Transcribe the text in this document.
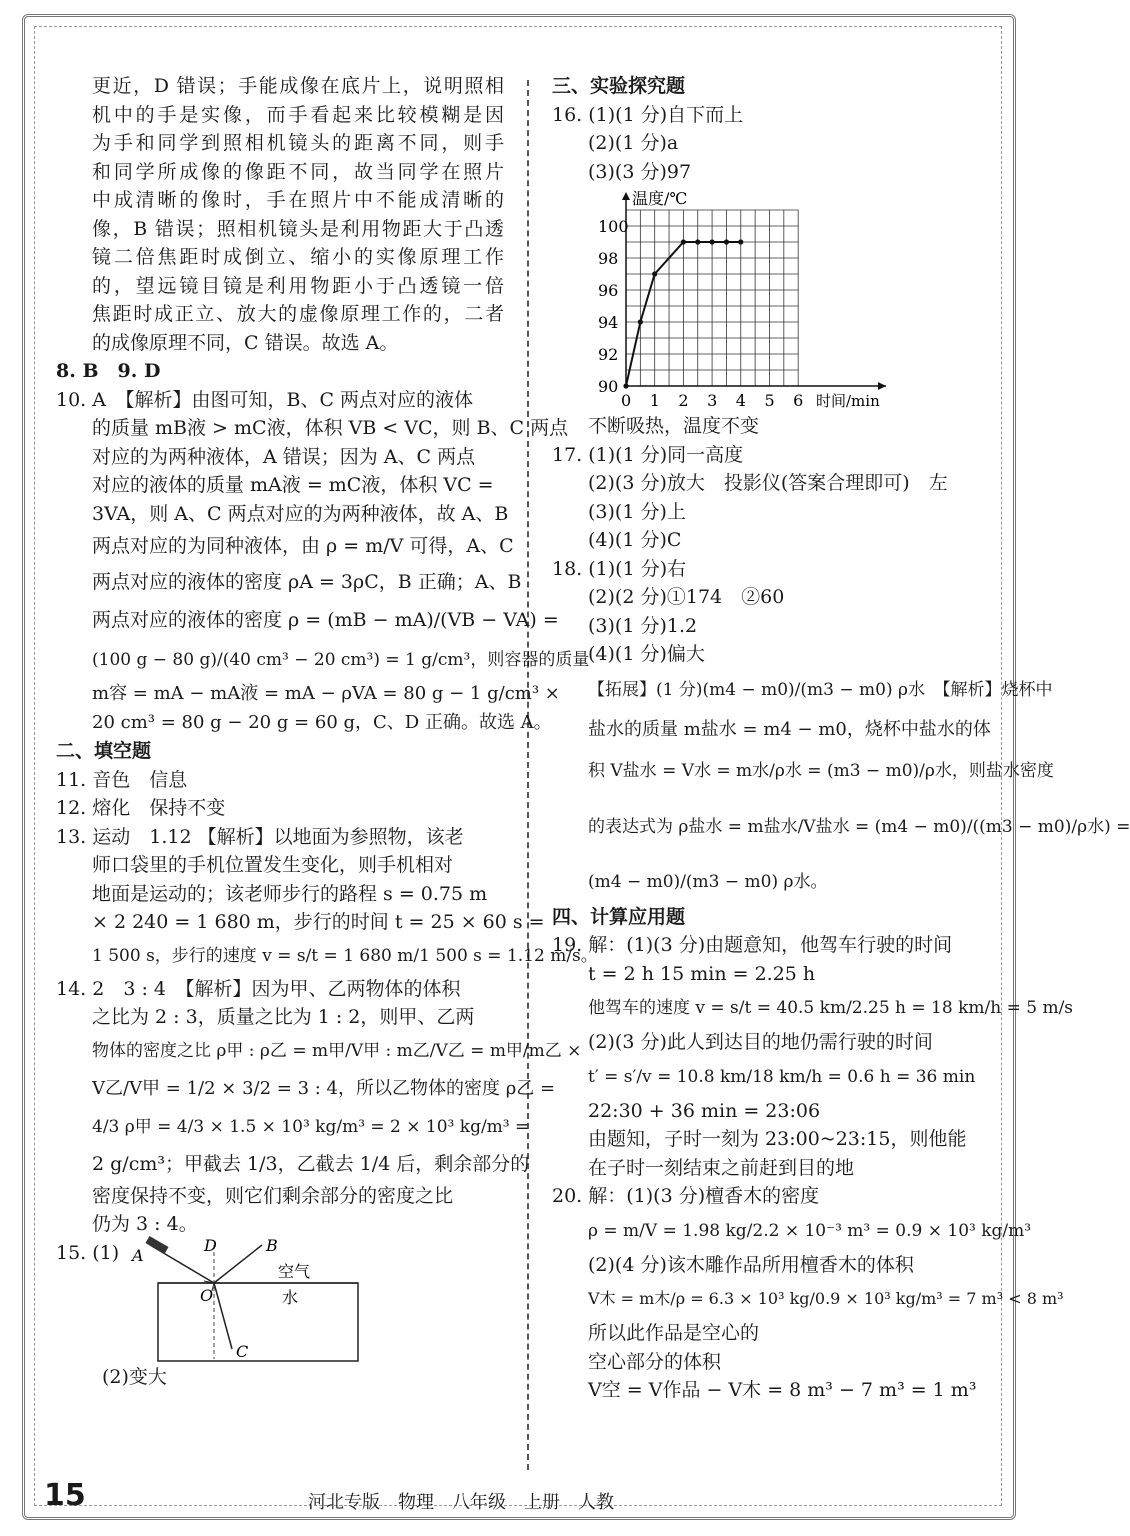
更近，D 错误；手能成像在底片上，说明照相
机中的手是实像，而手看起来比较模糊是因
为手和同学到照相机镜头的距离不同，则手
和同学所成像的像距不同，故当同学在照片
中成清晰的像时，手在照片中不能成清晰的
像，B 错误；照相机镜头是利用物距大于凸透
镜二倍焦距时成倒立、缩小的实像原理工作
的，望远镜目镜是利用物距小于凸透镜一倍
焦距时成正立、放大的虚像原理工作的，二者
的成像原理不同，C 错误。故选 A。
8. B　9. D
10. A　【解析】由图可知，B、C 两点对应的液体
的质量 mB液 > mC液，体积 VB < VC，则 B、C 两点
对应的为两种液体，A 错误；因为 A、C 两点
对应的液体的质量 mA液 = mC液，体积 VC =
3VA，则 A、C 两点对应的为两种液体，故 A、B
两点对应的为同种液体，由 ρ = m/V 可得，A、C
两点对应的液体的密度 ρA = 3ρC，B 正确；A、B
两点对应的液体的密度 ρ = (mB − mA)/(VB − VA) =
(100 g − 80 g)/(40 cm³ − 20 cm³) = 1 g/cm³，则容器的质量
m容 = mA − mA液 = mA − ρVA = 80 g − 1 g/cm³ ×
20 cm³ = 80 g − 20 g = 60 g，C、D 正确。故选 A。
二、填空题
11. 音色　信息
12. 熔化　保持不变
13. 运动　1.12 【解析】以地面为参照物，该老
师口袋里的手机位置发生变化，则手机相对
地面是运动的；该老师步行的路程 s = 0.75 m
× 2 240 = 1 680 m，步行的时间 t = 25 × 60 s =
1 500 s，步行的速度 v = s/t = 1 680 m/1 500 s = 1.12 m/s。
14. 2　3 : 4　【解析】因为甲、乙两物体的体积
之比为 2 : 3，质量之比为 1 : 2，则甲、乙两
物体的密度之比 ρ甲 : ρ乙 = m甲/V甲 : m乙/V乙 = m甲/m乙 ×
V乙/V甲 = 1/2 × 3/2 = 3 : 4，所以乙物体的密度 ρ乙 =
4/3 ρ甲 = 4/3 × 1.5 × 10³ kg/m³ = 2 × 10³ kg/m³ =
2 g/cm³；甲截去 1/3，乙截去 1/4 后，剩余部分的
密度保持不变，则它们剩余部分的密度之比
仍为 3 : 4。
15. (1) A
D	B
O
C
空气
水
(2)变大
三、实验探究题
16. (1)(1 分)自下而上
(2)(1 分)a
(3)(3 分)97
0 1 2 3 4 5 6
90
92
94
96
98
100
温度/℃
时间/min
不断吸热，温度不变
17. (1)(1 分)同一高度
(2)(3 分)放大　投影仪(答案合理即可)　左
(3)(1 分)上
(4)(1 分)C
18. (1)(1 分)右
(2)(2 分)①174　②60
(3)(1 分)1.2
(4)(1 分)偏大
【拓展】(1 分)(m4 − m0)/(m3 − m0) ρ水　【解析】烧杯中
盐水的质量 m盐水 = m4 − m0，烧杯中盐水的体
积 V盐水 = V水 = m水/ρ水 = (m3 − m0)/ρ水，则盐水密度
的表达式为 ρ盐水 = m盐水/V盐水 = (m4 − m0)/((m3 − m0)/ρ水) =
(m4 − m0)/(m3 − m0) ρ水。
四、计算应用题
19. 解：(1)(3 分)由题意知，他驾车行驶的时间
t = 2 h 15 min = 2.25 h
他驾车的速度 v = s/t = 40.5 km/2.25 h = 18 km/h = 5 m/s
(2)(3 分)此人到达目的地仍需行驶的时间
t′ = s′/v = 10.8 km/18 km/h = 0.6 h = 36 min
22:30 + 36 min = 23:06
由题知，子时一刻为 23:00~23:15，则他能
在子时一刻结束之前赶到目的地
20. 解：(1)(3 分)檀香木的密度
ρ = m/V = 1.98 kg/2.2 × 10⁻³ m³ = 0.9 × 10³ kg/m³
(2)(4 分)该木雕作品所用檀香木的体积
V木 = m木/ρ = 6.3 × 10³ kg/0.9 × 10³ kg/m³ = 7 m³ < 8 m³
所以此作品是空心的
空心部分的体积
V空 = V作品 − V木 = 8 m³ − 7 m³ = 1 m³
15	河北专版　物理　八年级　上册　人教
